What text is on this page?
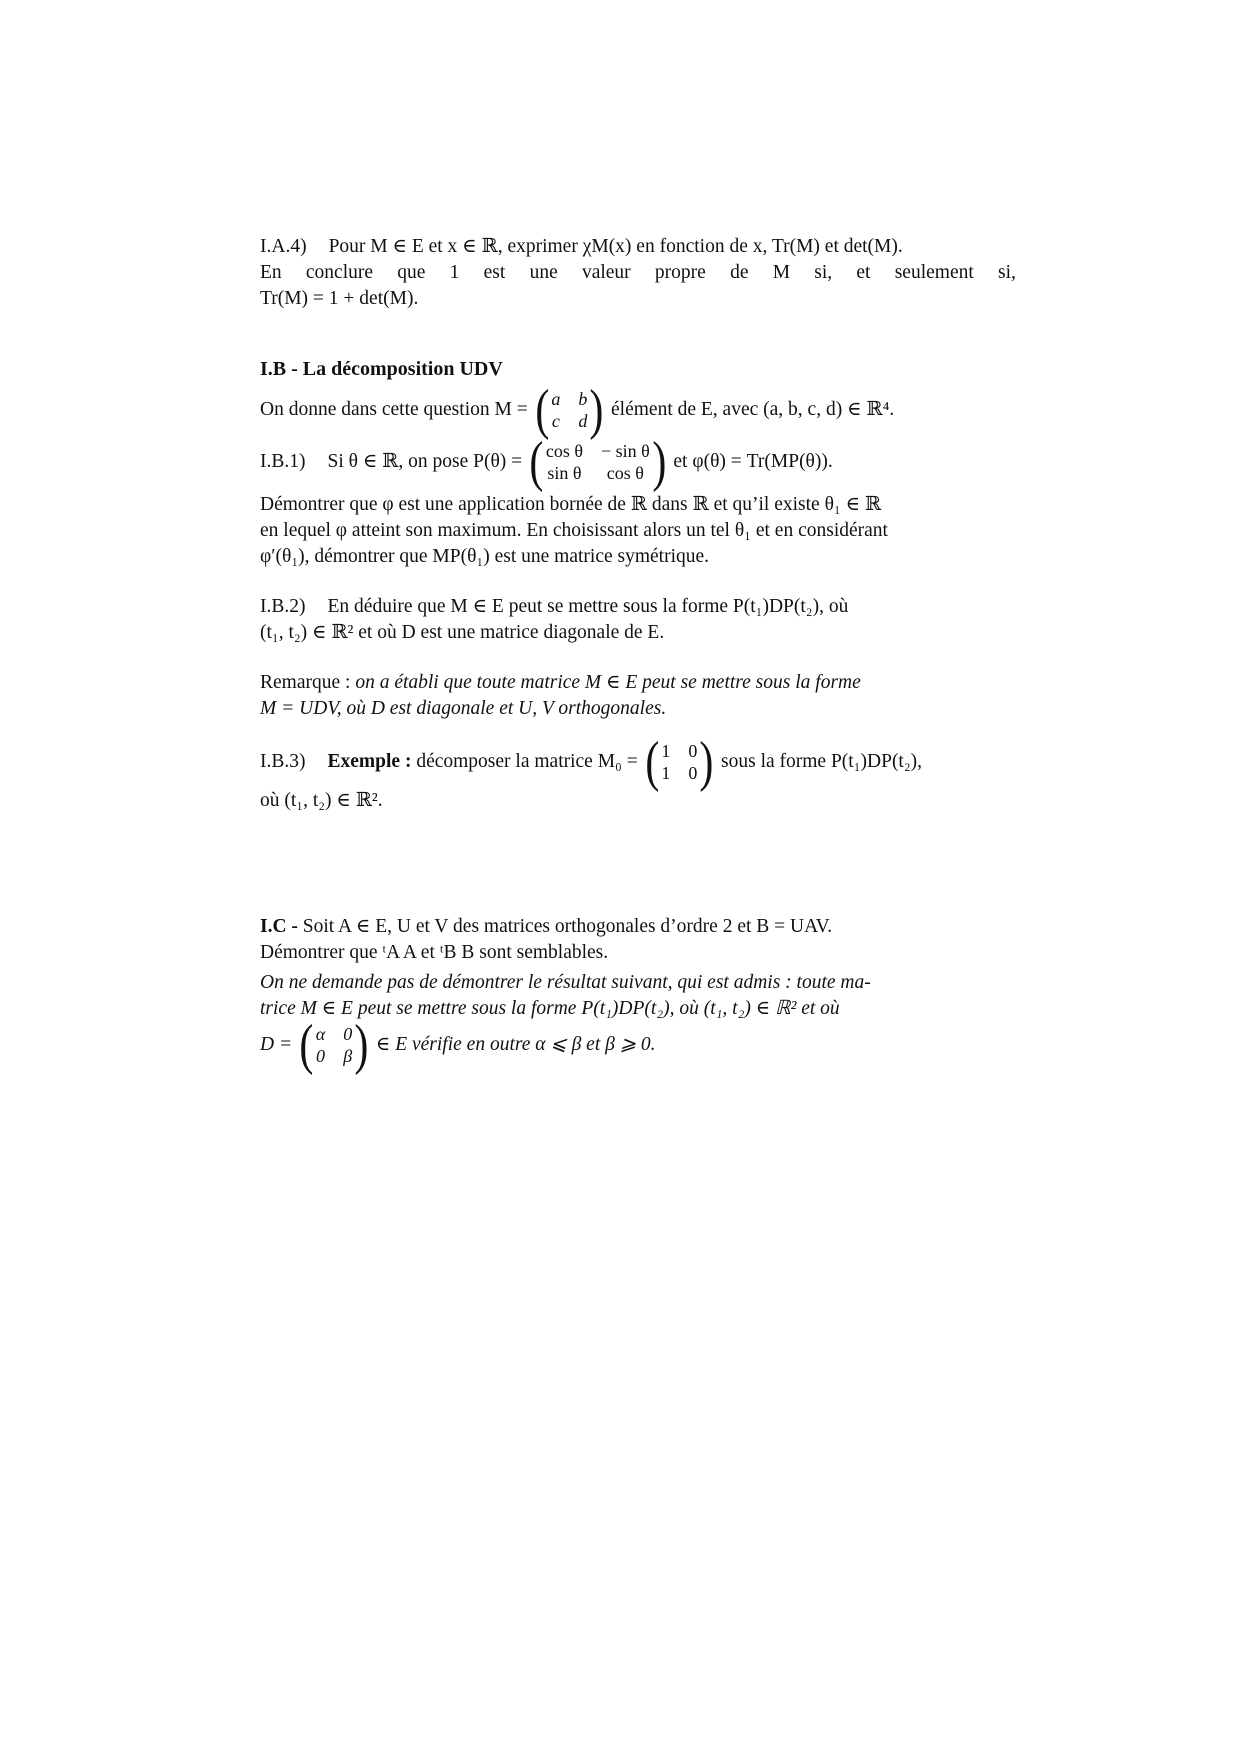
I.A.4) Pour M ∈ E et x ∈ ℝ, exprimer χM(x) en fonction de x, Tr(M) et det(M).
En conclure que 1 est une valeur propre de M si, et seulement si,
Tr(M) = 1 + det(M).
I.B - La décomposition UDV
On donne dans cette question M = ( a b
c d ) élément de E, avec (a, b, c, d) ∈ ℝ⁴.
I.B.1) Si θ ∈ ℝ, on pose P(θ) = ( cos θ − sin θ
sin θ	cos θ ) et φ(θ) = Tr(MP(θ)).
Démontrer que φ est une application bornée de ℝ dans ℝ et qu’il existe θ₁ ∈ ℝ
en lequel φ atteint son maximum. En choisissant alors un tel θ₁ et en considérant
φ′(θ₁), démontrer que MP(θ₁) est une matrice symétrique.
I.B.2) En déduire que M ∈ E peut se mettre sous la forme P(t₁)DP(t₂), où
(t₁, t₂) ∈ ℝ² et où D est une matrice diagonale de E.
Remarque : on a établi que toute matrice M ∈ E peut se mettre sous la forme
M = UDV, où D est diagonale et U, V orthogonales.
I.B.3) Exemple :
décomposer la matrice M₀ = ( 1 0
1 0 ) sous la forme P(t₁)DP(t₂),
où (t₁, t₂) ∈ ℝ².
I.C - Soit A ∈ E, U et V des matrices orthogonales d’ordre 2 et B = UAV.
Démontrer que ᵗA A et ᵗB B sont semblables.
On ne demande pas de démontrer le résultat suivant, qui est admis : toute ma-
trice M ∈ E peut se mettre sous la forme P(t₁)DP(t₂), où (t₁, t₂) ∈ ℝ² et où
D = ( α 0
0 β ) ∈ E vérifie en outre α ⩽ β et β ⩾ 0.
